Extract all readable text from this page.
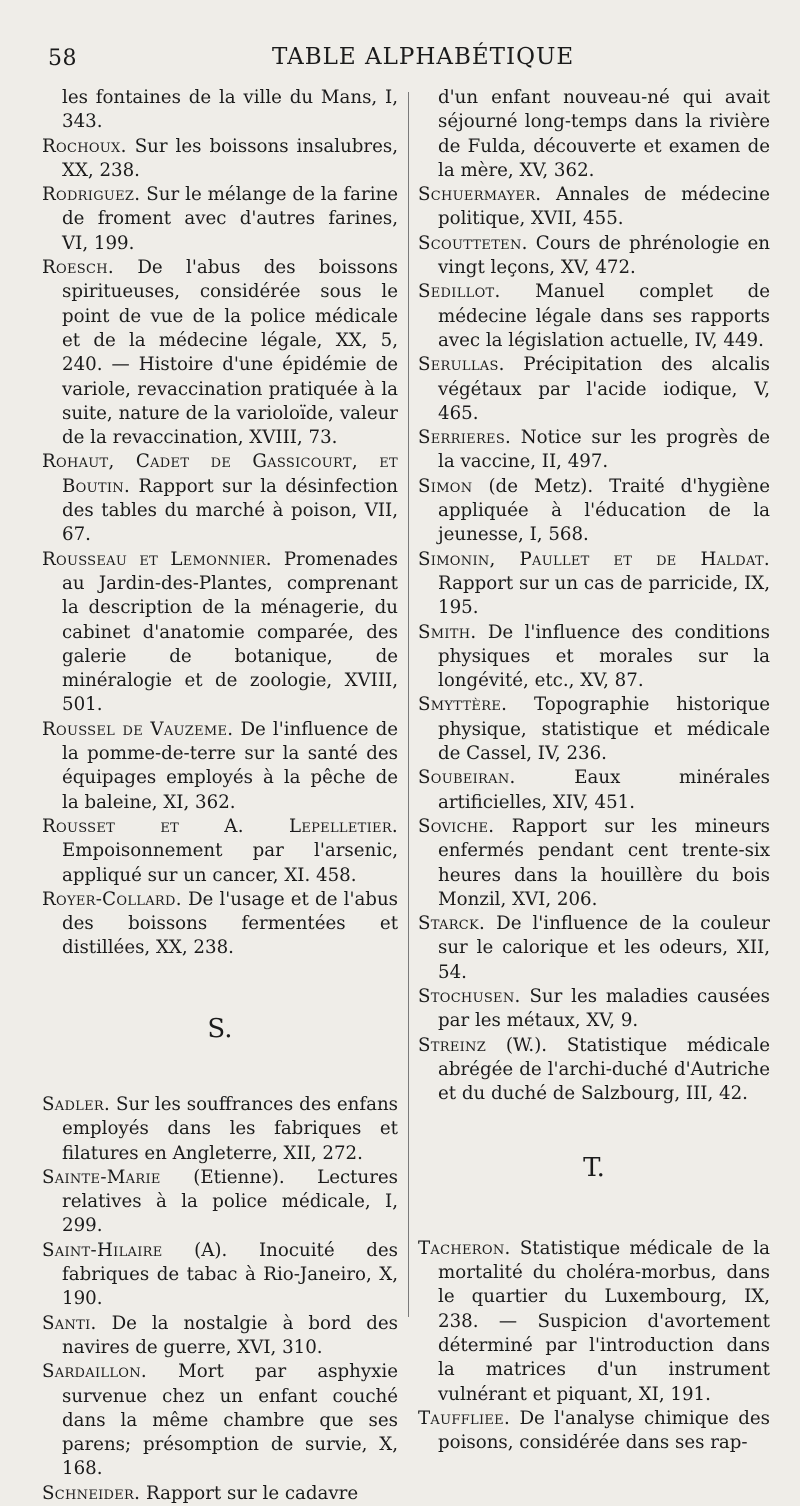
58	TABLE ALPHABÉTIQUE

les fontaines de la ville du Mans, I, 343.

Rochoux. Sur les boissons insalubres, XX, 238.

Rodriguez. Sur le mélange de la farine de froment avec d'autres farines, VI, 199.

Roesch. De l'abus des boissons spiritueuses, considérée sous le point de vue de la police médicale et de la médecine légale, XX, 5, 240. — Histoire d'une épidémie de variole, revaccination pratiquée à la suite, nature de la varioloïde, valeur de la revaccination, XVIII, 73.

Rohaut, Cadet de Gassicourt, et Boutin. Rapport sur la désinfection des tables du marché à poison, VII, 67.

Rousseau et Lemonnier. Promenades au Jardin-des-Plantes, comprenant la description de la ménagerie, du cabinet d'anatomie comparée, des galerie de botanique, de minéralogie et de zoologie, XVIII, 501.

Roussel de Vauzeme. De l'influence de la pomme-de-terre sur la santé des équipages employés à la pêche de la baleine, XI, 362.

Rousset et A. Lepelletier. Empoisonnement par l'arsenic, appliqué sur un cancer, XI. 458.

Royer-Collard. De l'usage et de l'abus des boissons fermentées et distillées, XX, 238.

S.

Sadler. Sur les souffrances des enfans employés dans les fabriques et filatures en Angleterre, XII, 272.

Sainte-Marie (Etienne). Lectures relatives à la police médicale, I, 299.

Saint-Hilaire (A). Inocuité des fabriques de tabac à Rio-Janeiro, X, 190.

Santi. De la nostalgie à bord des navires de guerre, XVI, 310.

Sardaillon. Mort par asphyxie survenue chez un enfant couché dans la même chambre que ses parens; présomption de survie, X, 168.

Schneider. Rapport sur le cadavre

d'un enfant nouveau-né qui avait séjourné long-temps dans la rivière de Fulda, découverte et examen de la mère, XV, 362.

Schuermayer. Annales de médecine politique, XVII, 455.

Scoutteten. Cours de phrénologie en vingt leçons, XV, 472.

Sedillot. Manuel complet de médecine légale dans ses rapports avec la législation actuelle, IV, 449.

Serullas. Précipitation des alcalis végétaux par l'acide iodique, V, 465.

Serrieres. Notice sur les progrès de la vaccine, II, 497.

Simon (de Metz). Traité d'hygiène appliquée à l'éducation de la jeunesse, I, 568.

Simonin, Paullet et de Haldat. Rapport sur un cas de parricide, IX, 195.

Smith. De l'influence des conditions physiques et morales sur la longévité, etc., XV, 87.

Smyttère. Topographie historique physique, statistique et médicale de Cassel, IV, 236.

Soubeiran. Eaux minérales artificielles, XIV, 451.

Soviche. Rapport sur les mineurs enfermés pendant cent trente-six heures dans la houillère du bois Monzil, XVI, 206.

Starck. De l'influence de la couleur sur le calorique et les odeurs, XII, 54.

Stochusen. Sur les maladies causées par les métaux, XV, 9.

Streinz (W.). Statistique médicale abrégée de l'archi-duché d'Autriche et du duché de Salzbourg, III, 42.

T.

Tacheron. Statistique médicale de la mortalité du choléra-morbus, dans le quartier du Luxembourg, IX, 238. — Suspicion d'avortement déterminé par l'introduction dans la matrices d'un instrument vulnérant et piquant, XI, 191.

Tauffliee. De l'analyse chimique des poisons, considérée dans ses rap-
